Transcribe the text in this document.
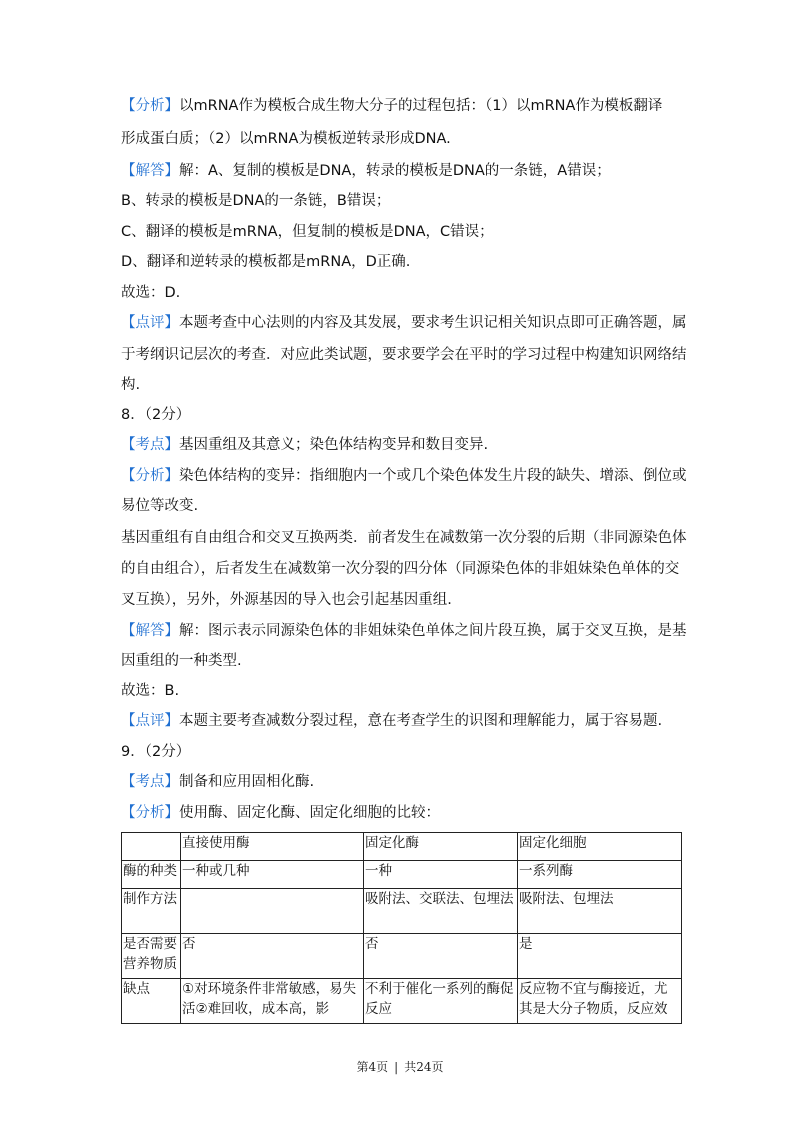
【分析】以mRNA作为模板合成生物大分子的过程包括：（1）以mRNA作为模板翻译
形成蛋白质；（2）以mRNA为模板逆转录形成DNA.
【解答】解：A、复制的模板是DNA，转录的模板是DNA的一条链，A错误；
B、转录的模板是DNA的一条链，B错误；
C、翻译的模板是mRNA，但复制的模板是DNA，C错误；
D、翻译和逆转录的模板都是mRNA，D正确.
故选：D.
【点评】本题考查中心法则的内容及其发展，要求考生识记相关知识点即可正确答题，属
于考纲识记层次的考查．对应此类试题，要求要学会在平时的学习过程中构建知识网络结
构.
8．（2分）
【考点】基因重组及其意义；染色体结构变异和数目变异.
【分析】染色体结构的变异：指细胞内一个或几个染色体发生片段的缺失、增添、倒位或
易位等改变.
基因重组有自由组合和交叉互换两类．前者发生在减数第一次分裂的后期（非同源染色体
的自由组合），后者发生在减数第一次分裂的四分体（同源染色体的非姐妹染色单体的交
叉互换），另外，外源基因的导入也会引起基因重组.
【解答】解：图示表示同源染色体的非姐妹染色单体之间片段互换，属于交叉互换，是基
因重组的一种类型.
故选：B.
【点评】本题主要考查减数分裂过程，意在考查学生的识图和理解能力，属于容易题.
9．（2分）
【考点】制备和应用固相化酶.
【分析】使用酶、固定化酶、固定化细胞的比较：
	直接使用酶	固定化酶	固定化细胞
酶的种类	一种或几种	一种	一系列酶
制作方法		吸附法、交联法、包埋法	吸附法、包埋法
是否需要营养物质	否	否	是
缺点	①对环境条件非常敏感，易失活②难回收，成本高，影	不利于催化一系列的酶促反应	反应物不宜与酶接近，尤其是大分子物质，反应效
第4页 | 共24页
